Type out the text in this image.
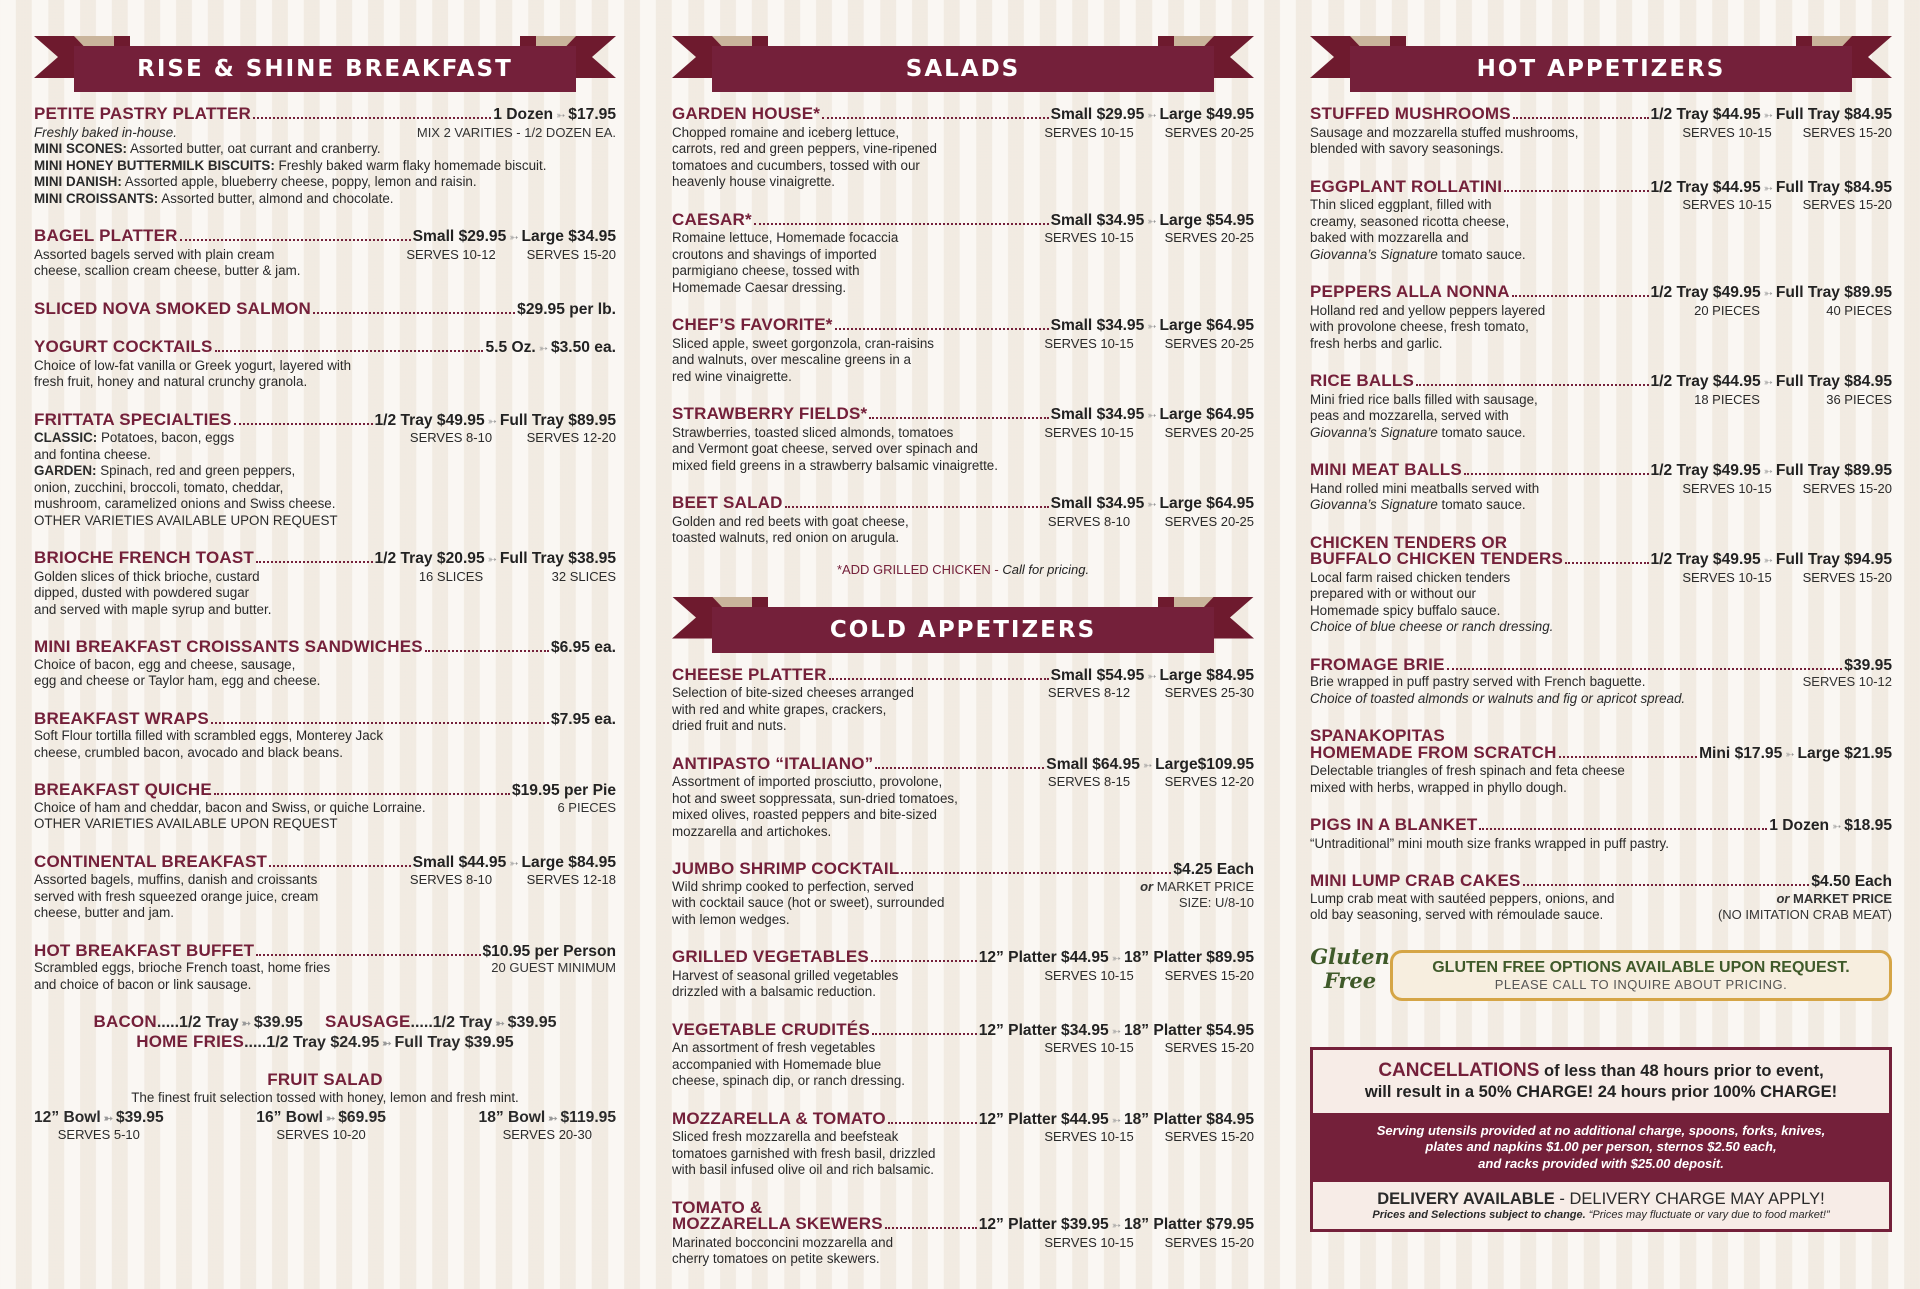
RISE & SHINE BREAKFAST
PETITE PASTRY PLATTER	1 Dozen ➳ $17.95
Freshly baked in-house.	MIX 2 VARITIES - 1/2 DOZEN EA.
MINI SCONES: Assorted butter, oat currant and cranberry.
MINI HONEY BUTTERMILK BISCUITS: Freshly baked warm flaky homemade biscuit.
MINI DANISH: Assorted apple, blueberry cheese, poppy, lemon and raisin.
MINI CROISSANTS: Assorted butter, almond and chocolate.
BAGEL PLATTER	Small $29.95 ➳ Large $34.95
Assorted bagels served with plain cream	SERVES 10-12	SERVES 15-20
cheese, scallion cream cheese, butter & jam.
SLICED NOVA SMOKED SALMON	$29.95 per lb.
YOGURT COCKTAILS	5.5 Oz. ➳ $3.50 ea.
Choice of low-fat vanilla or Greek yogurt, layered with
fresh fruit, honey and natural crunchy granola.
FRITTATA SPECIALTIES	1/2 Tray $49.95 ➳ Full Tray $89.95
CLASSIC: Potatoes, bacon, eggs	SERVES 8-10	SERVES 12-20
and fontina cheese.
GARDEN: Spinach, red and green peppers,
onion, zucchini, broccoli, tomato, cheddar,
mushroom, caramelized onions and Swiss cheese.
OTHER VARIETIES AVAILABLE UPON REQUEST
BRIOCHE FRENCH TOAST	1/2 Tray $20.95 ➳ Full Tray $38.95
Golden slices of thick brioche, custard	16 SLICES	32 SLICES
dipped, dusted with powdered sugar
and served with maple syrup and butter.
MINI BREAKFAST CROISSANTS SANDWICHES	$6.95 ea.
Choice of bacon, egg and cheese, sausage,
egg and cheese or Taylor ham, egg and cheese.
BREAKFAST WRAPS	$7.95 ea.
Soft Flour tortilla filled with scrambled eggs, Monterey Jack
cheese, crumbled bacon, avocado and black beans.
BREAKFAST QUICHE	$19.95 per Pie
Choice of ham and cheddar, bacon and Swiss, or quiche Lorraine.	6 PIECES
OTHER VARIETIES AVAILABLE UPON REQUEST
CONTINENTAL BREAKFAST	Small $44.95 ➳ Large $84.95
Assorted bagels, muffins, danish and croissants	SERVES 8-10	SERVES 12-18
served with fresh squeezed orange juice, cream
cheese, butter and jam.
HOT BREAKFAST BUFFET	$10.95 per Person
Scrambled eggs, brioche French toast, home fries	20 GUEST MINIMUM
and choice of bacon or link sausage.
BACON.....1/2 Tray ➳ $39.95 SAUSAGE.....1/2 Tray ➳ $39.95
HOME FRIES.....1/2 Tray $24.95 ➳ Full Tray $39.95
FRUIT SALAD
The finest fruit selection tossed with honey, lemon and fresh mint.
12” Bowl ➳ $39.95
SERVES 5-10
16” Bowl ➳ $69.95
SERVES 10-20
18” Bowl ➳ $119.95
SERVES 20-30
SALADS
GARDEN HOUSE*	Small $29.95 ➳ Large $49.95
Chopped romaine and iceberg lettuce,	SERVES 10-15	SERVES 20-25
carrots, red and green peppers, vine-ripened
tomatoes and cucumbers, tossed with our
heavenly house vinaigrette.
CAESAR*	Small $34.95 ➳ Large $54.95
Romaine lettuce, Homemade focaccia	SERVES 10-15	SERVES 20-25
croutons and shavings of imported
parmigiano cheese, tossed with
Homemade Caesar dressing.
CHEF’S FAVORITE*	Small $34.95 ➳ Large $64.95
Sliced apple, sweet gorgonzola, cran-raisins	SERVES 10-15	SERVES 20-25
and walnuts, over mescaline greens in a
red wine vinaigrette.
STRAWBERRY FIELDS*	Small $34.95 ➳ Large $64.95
Strawberries, toasted sliced almonds, tomatoes	SERVES 10-15	SERVES 20-25
and Vermont goat cheese, served over spinach and
mixed field greens in a strawberry balsamic vinaigrette.
BEET SALAD	Small $34.95 ➳ Large $64.95
Golden and red beets with goat cheese,	SERVES 8-10	SERVES 20-25
toasted walnuts, red onion on arugula.
*ADD GRILLED CHICKEN - Call for pricing.
COLD APPETIZERS
CHEESE PLATTER	Small $54.95 ➳ Large $84.95
Selection of bite-sized cheeses arranged	SERVES 8-12	SERVES 25-30
with red and white grapes, crackers,
dried fruit and nuts.
ANTIPASTO “ITALIANO”	Small $64.95 ➳ Large$109.95
Assortment of imported prosciutto, provolone,	SERVES 8-15	SERVES 12-20
hot and sweet soppressata, sun-dried tomatoes,
mixed olives, roasted peppers and bite-sized
mozzarella and artichokes.
JUMBO SHRIMP COCKTAIL	$4.25 Each
Wild shrimp cooked to perfection, served	or MARKET PRICE
with cocktail sauce (hot or sweet), surrounded	SIZE: U/8-10
with lemon wedges.
GRILLED VEGETABLES	12” Platter $44.95 ➳ 18” Platter $89.95
Harvest of seasonal grilled vegetables	SERVES 10-15	SERVES 15-20
drizzled with a balsamic reduction.
VEGETABLE CRUDITÉS	12” Platter $34.95 ➳ 18” Platter $54.95
An assortment of fresh vegetables	SERVES 10-15	SERVES 15-20
accompanied with Homemade blue
cheese, spinach dip, or ranch dressing.
MOZZARELLA & TOMATO	12” Platter $44.95 ➳ 18” Platter $84.95
Sliced fresh mozzarella and beefsteak	SERVES 10-15	SERVES 15-20
tomatoes garnished with fresh basil, drizzled
with basil infused olive oil and rich balsamic.
TOMATO &
MOZZARELLA SKEWERS	12” Platter $39.95 ➳ 18” Platter $79.95
Marinated bocconcini mozzarella and	SERVES 10-15	SERVES 15-20
cherry tomatoes on petite skewers.
HOT APPETIZERS
STUFFED MUSHROOMS	1/2 Tray $44.95 ➳ Full Tray $84.95
Sausage and mozzarella stuffed mushrooms,	SERVES 10-15	SERVES 15-20
blended with savory seasonings.
EGGPLANT ROLLATINI	1/2 Tray $44.95 ➳ Full Tray $84.95
Thin sliced eggplant, filled with	SERVES 10-15	SERVES 15-20
creamy, seasoned ricotta cheese,
baked with mozzarella and
Giovanna’s Signature tomato sauce.
PEPPERS ALLA NONNA	1/2 Tray $49.95 ➳ Full Tray $89.95
Holland red and yellow peppers layered	20 PIECES	40 PIECES
with provolone cheese, fresh tomato,
fresh herbs and garlic.
RICE BALLS	1/2 Tray $44.95 ➳ Full Tray $84.95
Mini fried rice balls filled with sausage,	18 PIECES	36 PIECES
peas and mozzarella, served with
Giovanna’s Signature tomato sauce.
MINI MEAT BALLS	1/2 Tray $49.95 ➳ Full Tray $89.95
Hand rolled mini meatballs served with	SERVES 10-15	SERVES 15-20
Giovanna’s Signature tomato sauce.
CHICKEN TENDERS OR
BUFFALO CHICKEN TENDERS	1/2 Tray $49.95 ➳ Full Tray $94.95
Local farm raised chicken tenders	SERVES 10-15	SERVES 15-20
prepared with or without our
Homemade spicy buffalo sauce.
Choice of blue cheese or ranch dressing.
FROMAGE BRIE	$39.95
Brie wrapped in puff pastry served with French baguette.	SERVES 10-12
Choice of toasted almonds or walnuts and fig or apricot spread.
SPANAKOPITAS
HOMEMADE FROM SCRATCH	Mini $17.95 ➳ Large $21.95
Delectable triangles of fresh spinach and feta cheese
mixed with herbs, wrapped in phyllo dough.
PIGS IN A BLANKET	1 Dozen ➳ $18.95
“Untraditional” mini mouth size franks wrapped in puff pastry.
MINI LUMP CRAB CAKES	$4.50 Each
Lump crab meat with sautéed peppers, onions, and	or MARKET PRICE
old bay seasoning, served with rémoulade sauce.	(NO IMITATION CRAB MEAT)
Gluten
Free	GLUTEN FREE OPTIONS AVAILABLE UPON REQUEST.
PLEASE CALL TO INQUIRE ABOUT PRICING.
CANCELLATIONS of less than 48 hours prior to event,
will result in a 50% CHARGE! 24 hours prior 100% CHARGE!
Serving utensils provided at no additional charge, spoons, forks, knives,
plates and napkins $1.00 per person, sternos $2.50 each,
and racks provided with $25.00 deposit.
DELIVERY AVAILABLE - DELIVERY CHARGE MAY APPLY!
Prices and Selections subject to change. “Prices may fluctuate or vary due to food market!”
